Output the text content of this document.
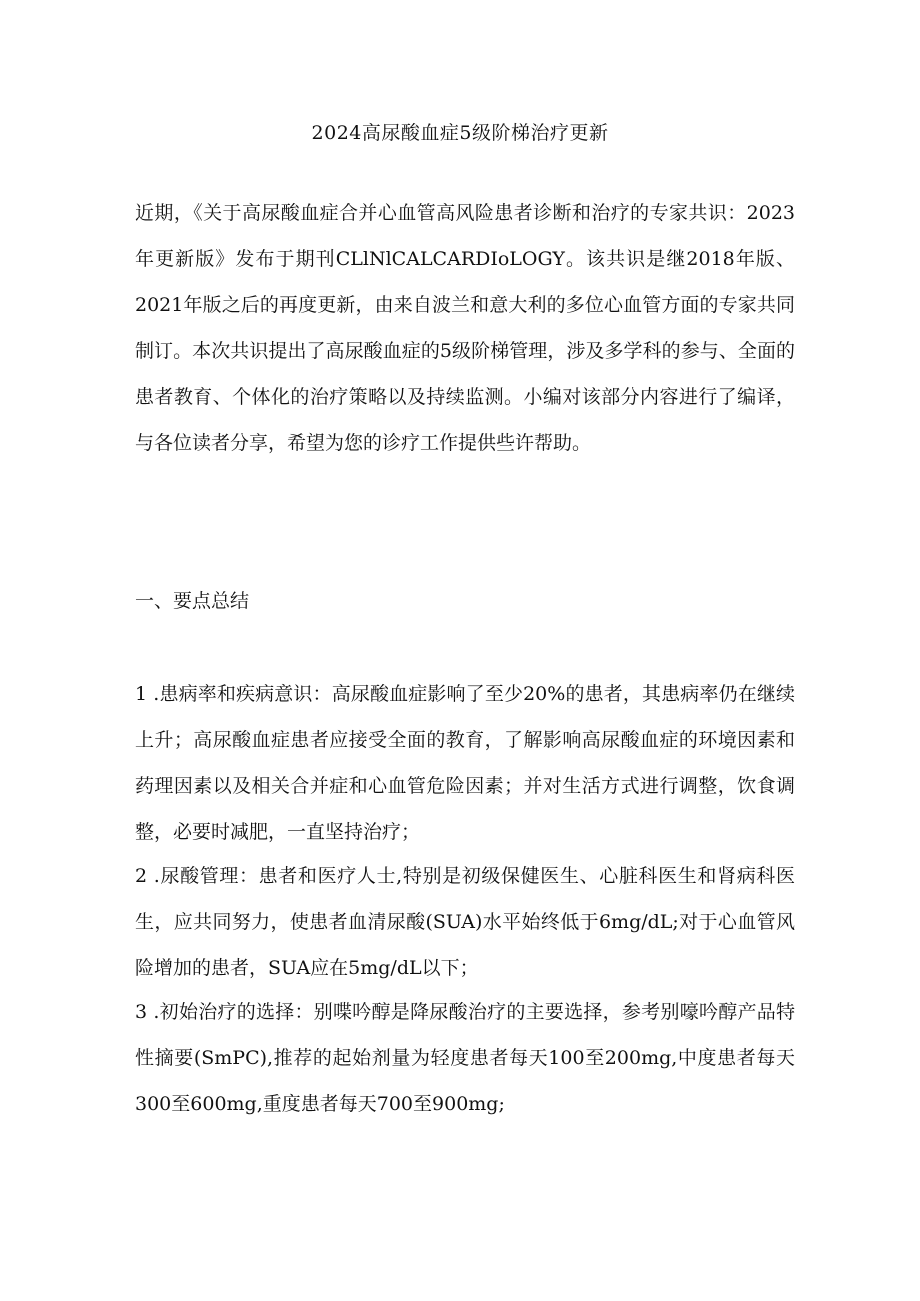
2024高尿酸血症5级阶梯治疗更新

近期，《关于高尿酸血症合并心血管高风险患者诊断和治疗的专家共识：2023年更新版》发布于期刊CLlNlCALCARDIoLOGY。该共识是继2018年版、2021年版之后的再度更新，由来自波兰和意大利的多位心血管方面的专家共同制订。本次共识提出了高尿酸血症的5级阶梯管理，涉及多学科的参与、全面的患者教育、个体化的治疗策略以及持续监测。小编对该部分内容进行了编译，与各位读者分享，希望为您的诊疗工作提供些许帮助。

一、要点总结

1 .患病率和疾病意识：高尿酸血症影响了至少20%的患者，其患病率仍在继续上升；高尿酸血症患者应接受全面的教育，了解影响高尿酸血症的环境因素和药理因素以及相关合并症和心血管危险因素；并对生活方式进行调整，饮食调整，必要时减肥，一直坚持治疗；

2 .尿酸管理：患者和医疗人士,特别是初级保健医生、心脏科医生和肾病科医生，应共同努力，使患者血清尿酸(SUA)水平始终低于6mg∕dL;对于心血管风险增加的患者，SUA应在5mg∕dL以下；

3 .初始治疗的选择：别喋吟醇是降尿酸治疗的主要选择，参考别嚎吟醇产品特性摘要(SmPC),推荐的起始剂量为轻度患者每天100至200mg,中度患者每天300至600mg,重度患者每天700至900mg;
